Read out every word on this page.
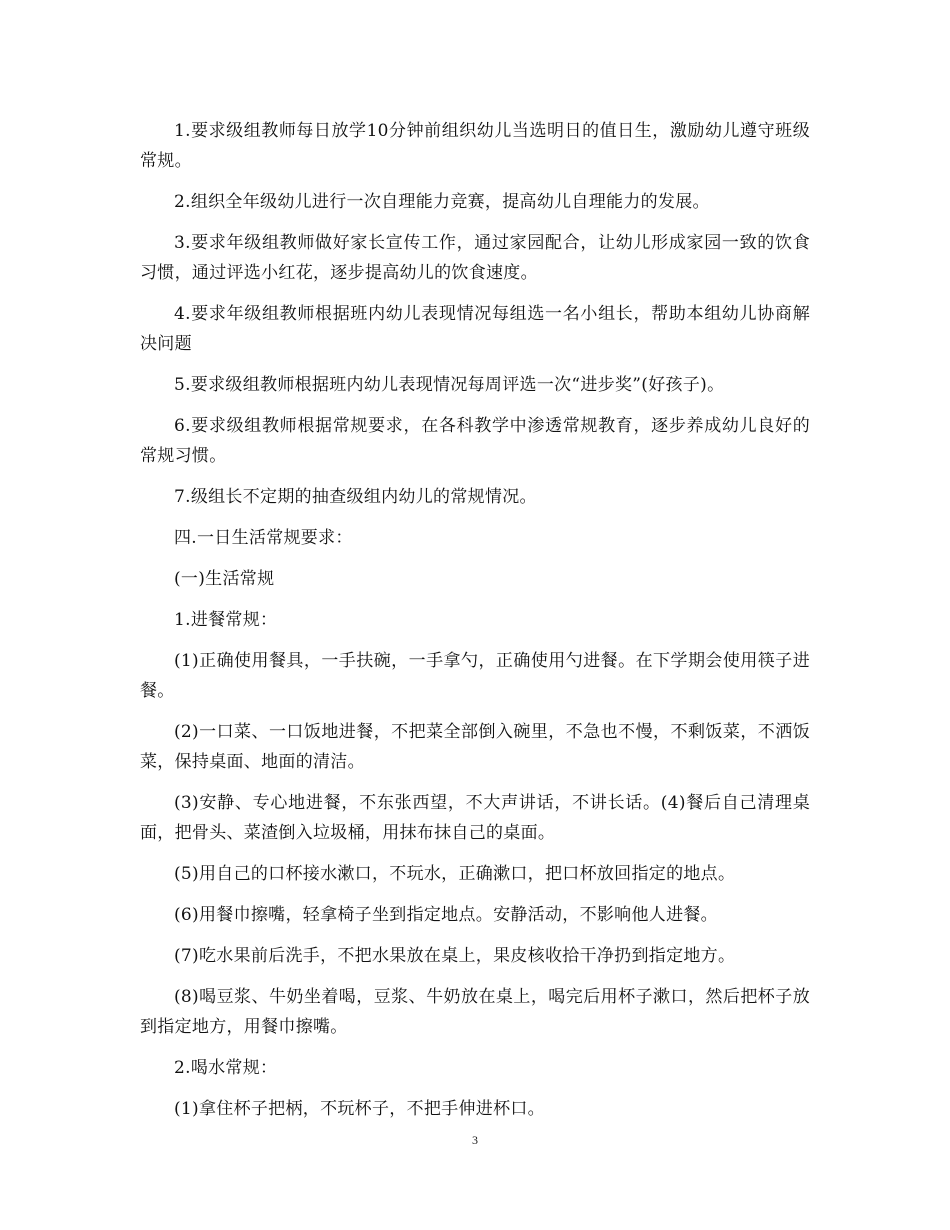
1.要求级组教师每日放学10分钟前组织幼儿当选明日的值日生，激励幼儿遵守班级常规。

2.组织全年级幼儿进行一次自理能力竞赛，提高幼儿自理能力的发展。

3.要求年级组教师做好家长宣传工作，通过家园配合，让幼儿形成家园一致的饮食习惯，通过评选小红花，逐步提高幼儿的饮食速度。

4.要求年级组教师根据班内幼儿表现情况每组选一名小组长，帮助本组幼儿协商解决问题

5.要求级组教师根据班内幼儿表现情况每周评选一次“进步奖”(好孩子)。

6.要求级组教师根据常规要求，在各科教学中渗透常规教育，逐步养成幼儿良好的常规习惯。

7.级组长不定期的抽查级组内幼儿的常规情况。

四.一日生活常规要求：

(一)生活常规

1.进餐常规：

(1)正确使用餐具，一手扶碗，一手拿勺，正确使用勺进餐。在下学期会使用筷子进餐。

(2)一口菜、一口饭地进餐，不把菜全部倒入碗里，不急也不慢，不剩饭菜，不洒饭菜，保持桌面、地面的清洁。

(3)安静、专心地进餐，不东张西望，不大声讲话，不讲长话。(4)餐后自己清理桌面，把骨头、菜渣倒入垃圾桶，用抹布抹自己的桌面。

(5)用自己的口杯接水漱口，不玩水，正确漱口，把口杯放回指定的地点。

(6)用餐巾擦嘴，轻拿椅子坐到指定地点。安静活动，不影响他人进餐。

(7)吃水果前后洗手，不把水果放在桌上，果皮核收拾干净扔到指定地方。

(8)喝豆浆、牛奶坐着喝，豆浆、牛奶放在桌上，喝完后用杯子漱口，然后把杯子放到指定地方，用餐巾擦嘴。

2.喝水常规：

(1)拿住杯子把柄，不玩杯子，不把手伸进杯口。

3
